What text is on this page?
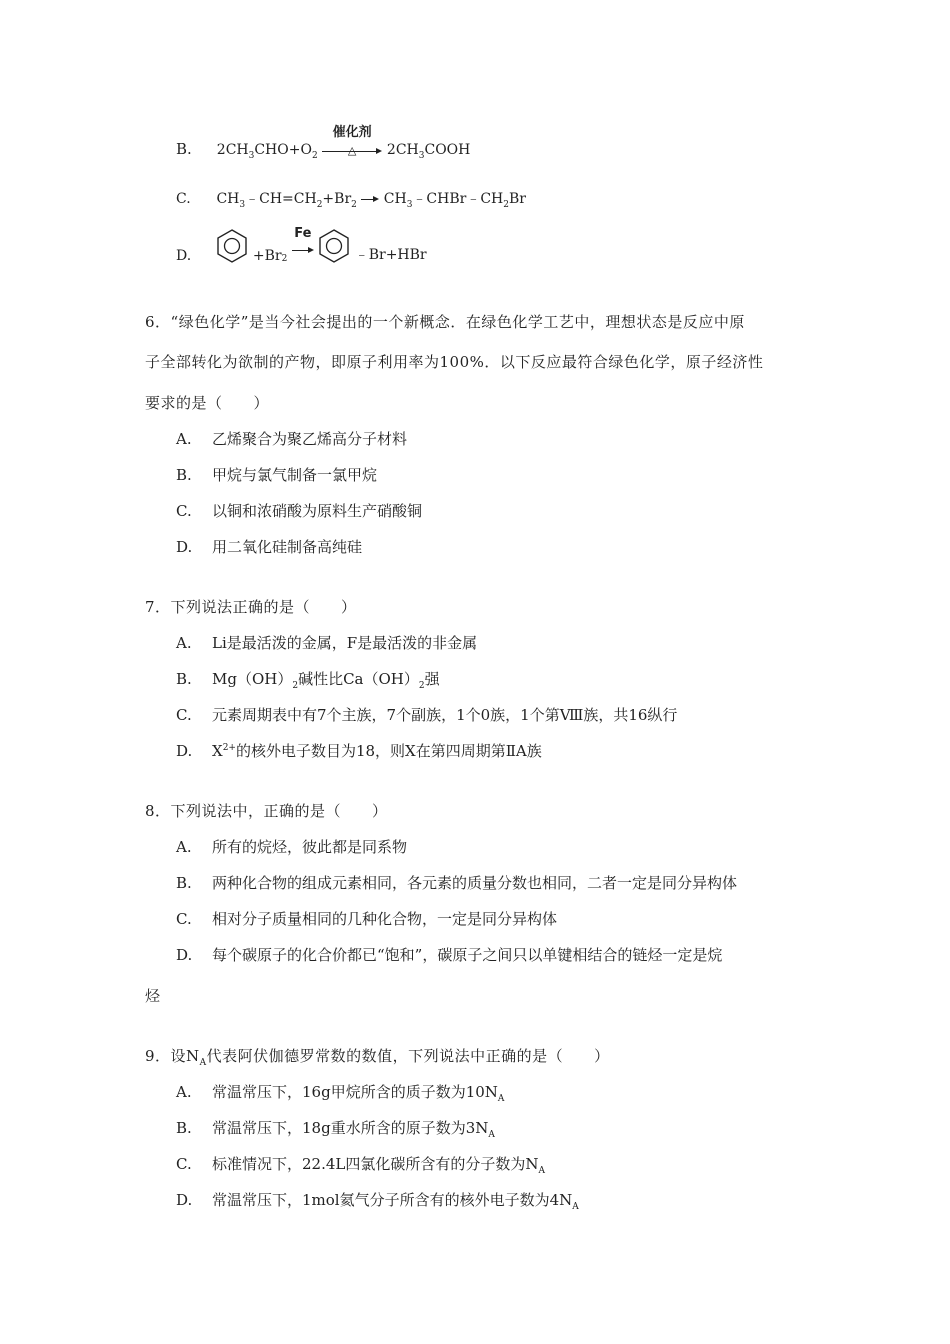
B. $2CH_3CHO+O_2$
催化剂
△ $2CH_3COOH$
C. $CH_3﹣CH=CH_2+Br_2$ → $CH_3﹣CHBr﹣CH_2Br$
D.	+Br2
Fe
﹣Br+HBr
6．“绿色化学”是当今社会提出的一个新概念．在绿色化学工艺中，理想状态是反应中原
子全部转化为欲制的产物，即原子利用率为100%．以下反应最符合绿色化学，原子经济性
要求的是（　　）
A. 乙烯聚合为聚乙烯高分子材料
B. 甲烷与氯气制备一氯甲烷
C. 以铜和浓硝酸为原料生产硝酸铜
D. 用二氧化硅制备高纯硅
7．下列说法正确的是（　　）
A. Li是最活泼的金属，F是最活泼的非金属
B. $Mg(OH)_2$碱性比$Ca(OH)_2$强
C. 元素周期表中有7个主族，7个副族，1个0族，1个第Ⅷ族，共16纵行
D. $X^{2+}$的核外电子数目为18，则X在第四周期第ⅡA族
8．下列说法中，正确的是（　　）
A. 所有的烷烃，彼此都是同系物
B. 两种化合物的组成元素相同，各元素的质量分数也相同，二者一定是同分异构体
C. 相对分子质量相同的几种化合物，一定是同分异构体
D. 每个碳原子的化合价都已“饱和”，碳原子之间只以单键相结合的链烃一定是烷
烃
9．设$N_A$代表阿伏伽德罗常数的数值，下列说法中正确的是（　　）
A. 常温常压下，16g甲烷所含的质子数为$10N_A$
B. 常温常压下，18g重水所含的原子数为$3N_A$
C. 标准情况下，22.4L四氯化碳所含有的分子数为$N_A$
D. 常温常压下，1mol氦气分子所含有的核外电子数为$4N_A$
